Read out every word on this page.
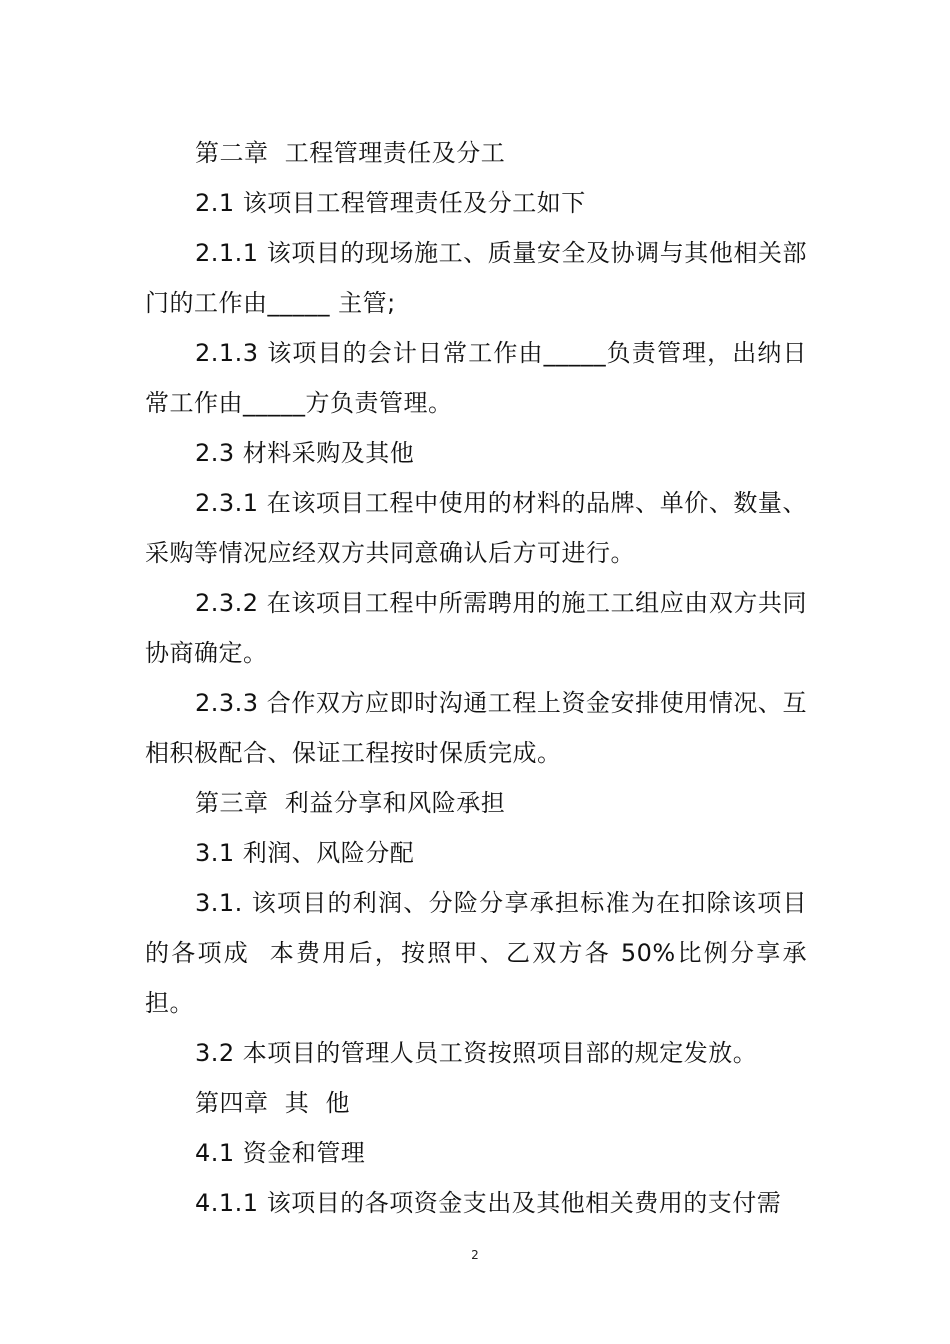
第二章  工程管理责任及分工

2.1 该项目工程管理责任及分工如下

2.1.1 该项目的现场施工、质量安全及协调与其他相关部门的工作由_____ 主管;

2.1.3 该项目的会计日常工作由_____负责管理，出纳日常工作由_____方负责管理。

2.3 材料采购及其他

2.3.1 在该项目工程中使用的材料的品牌、单价、数量、采购等情况应经双方共同意确认后方可进行。

2.3.2 在该项目工程中所需聘用的施工工组应由双方共同协商确定。

2.3.3 合作双方应即时沟通工程上资金安排使用情况、互相积极配合、保证工程按时保质完成。

第三章  利益分享和风险承担

3.1 利润、风险分配

3.1. 该项目的利润、分险分享承担标准为在扣除该项目的各项成  本费用后，按照甲、乙双方各 50%比例分享承担。

3.2 本项目的管理人员工资按照项目部的规定发放。

第四章  其  他

4.1 资金和管理

4.1.1 该项目的各项资金支出及其他相关费用的支付需

2
